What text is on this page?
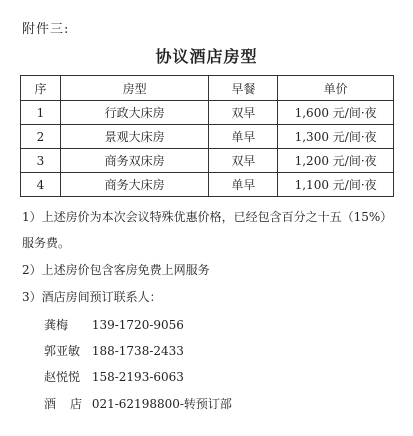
附件三:
协议酒店房型
序	房型	早餐	单价
1	行政大床房	双早	1,600 元/间·夜
2	景观大床房	单早	1,300 元/间·夜
3	商务双床房	双早	1,200 元/间·夜
4	商务大床房	单早	1,100 元/间·夜
1）上述房价为本次会议特殊优惠价格，已经包含百分之十五（15%）
服务费。
2）上述房价包含客房免费上网服务
3）酒店房间预订联系人：
龚梅 139-1720-9056
郭亚敏 188-1738-2433
赵悦悦 158-2193-6063
酒店 021-62198800-转预订部
